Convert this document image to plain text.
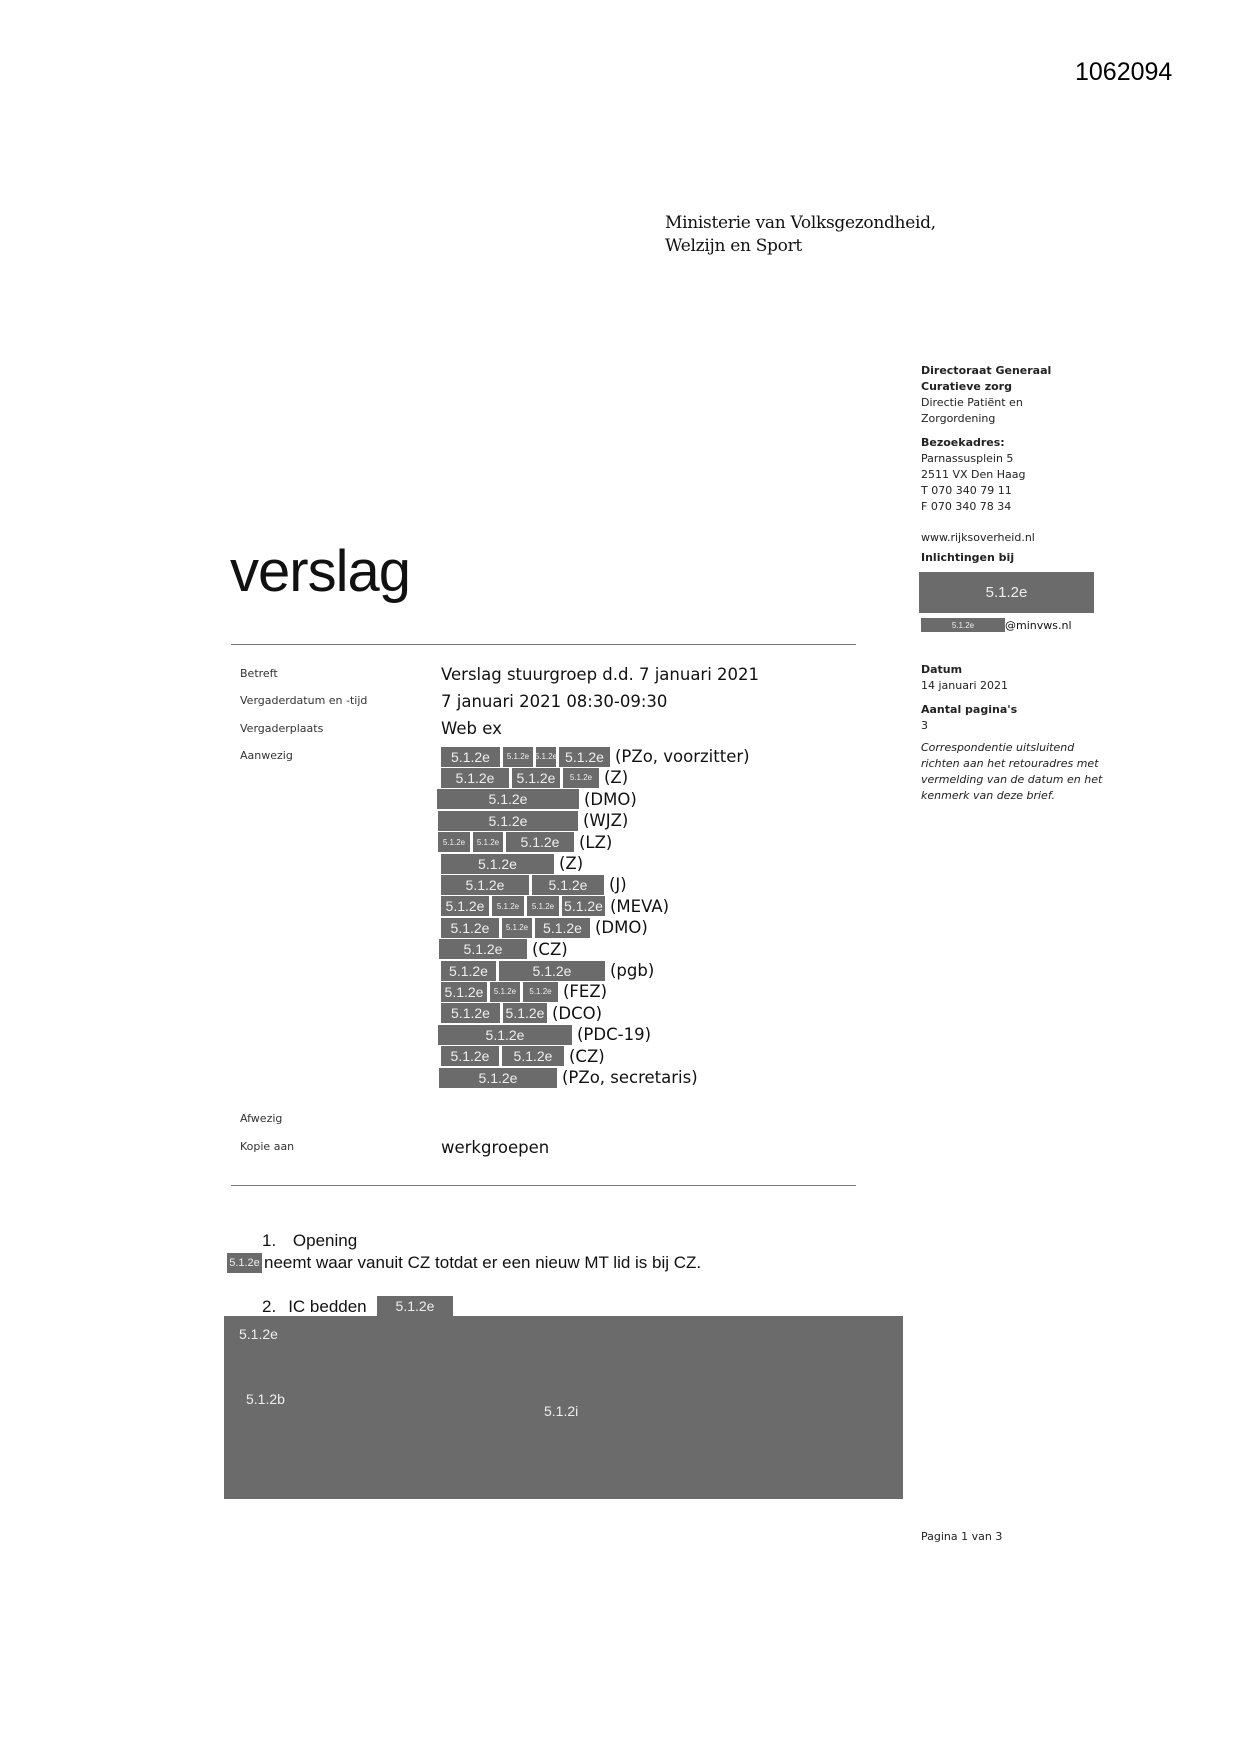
1062094
Ministerie van Volksgezondheid,
Welzijn en Sport
Directoraat Generaal
Curatieve zorg
Directie Patiënt en
Zorgordening
Bezoekadres:
Parnassusplein 5
2511 VX Den Haag
T 070 340 79 11
F 070 340 78 34
www.rijksoverheid.nl
Inlichtingen bij
5.1.2e
5.1.2e	@minvws.nl
Datum
14 januari 2021
Aantal pagina's
3
Correspondentie uitsluitend richten aan het retouradres met vermelding van de datum en het kenmerk van deze brief.
verslag
Betreft	Verslag stuurgroep d.d. 7 januari 2021
Vergaderdatum en -tijd	7 januari 2021 08:30-09:30
Vergaderplaats	Web ex
Aanwezig	5.1.2e	5.1.2e 5.1.2e 5.1.2e (PZo, voorzitter)
5.1.2e	5.1.2e	5.1.2e (Z)
5.1.2e	(DMO)
5.1.2e	(WJZ)
5.1.2e	5.1.2e	5.1.2e	(LZ)
5.1.2e	(Z)
5.1.2e	5.1.2e	(J)
5.1.2e	5.1.2e	5.1.2e 5.1.2e (MEVA)
5.1.2e	5.1.2e	5.1.2e (DMO)
5.1.2e	(CZ)
5.1.2e	5.1.2e	(pgb)
5.1.2e	5.1.2e	5.1.2e (FEZ)
5.1.2e	5.1.2e (DCO)
5.1.2e	(PDC-19)
5.1.2e	5.1.2e	(CZ)
5.1.2e	(PZo, secretaris)
Afwezig
Kopie aan	werkgroepen
1. Opening
5.1.2e neemt waar vanuit CZ totdat er een nieuw MT lid is bij CZ.
2. IC bedden	5.1.2e
5.1.2e
5.1.2b
5.1.2i
Pagina 1 van 3
